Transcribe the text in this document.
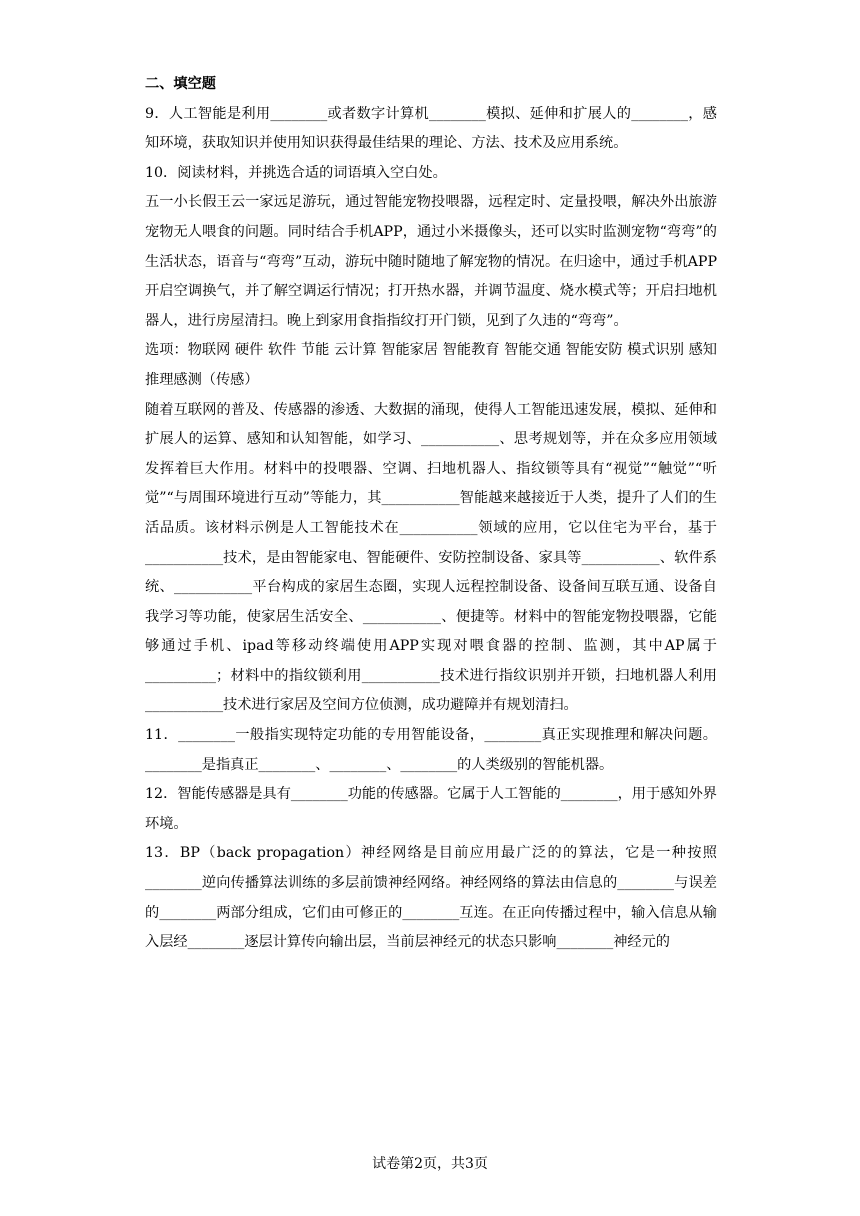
二、填空题

9．人工智能是利用________或者数字计算机________模拟、延伸和扩展人的________，感知环境，获取知识并使用知识获得最佳结果的理论、方法、技术及应用系统。

10．阅读材料，并挑选合适的词语填入空白处。

五一小长假王云一家远足游玩，通过智能宠物投喂器，远程定时、定量投喂，解决外出旅游宠物无人喂食的问题。同时结合手机APP，通过小米摄像头，还可以实时监测宠物“弯弯”的生活状态，语音与“弯弯”互动，游玩中随时随地了解宠物的情况。在归途中，通过手机APP开启空调换气，并了解空调运行情况；打开热水器，并调节温度、烧水模式等；开启扫地机器人，进行房屋清扫。晚上到家用食指指纹打开门锁，见到了久违的“弯弯”。

选项：物联网 硬件 软件 节能 云计算 智能家居 智能教育 智能交通 智能安防 模式识别 感知 推理感测（传感）

随着互联网的普及、传感器的渗透、大数据的涌现，使得人工智能迅速发展，模拟、延伸和扩展人的运算、感知和认知智能，如学习、___________、思考规划等，并在众多应用领域发挥着巨大作用。材料中的投喂器、空调、扫地机器人、指纹锁等具有“视觉”“触觉”“听觉”“与周围环境进行互动”等能力，其___________智能越来越接近于人类，提升了人们的生活品质。该材料示例是人工智能技术在___________领域的应用，它以住宅为平台，基于___________技术，是由智能家电、智能硬件、安防控制设备、家具等___________、软件系统、___________平台构成的家居生态圈，实现人远程控制设备、设备间互联互通、设备自我学习等功能，使家居生活安全、___________、便捷等。材料中的智能宠物投喂器，它能够通过手机、ipad等移动终端使用APP实现对喂食器的控制、监测，其中AP属于__________；材料中的指纹锁利用___________技术进行指纹识别并开锁，扫地机器人利用___________技术进行家居及空间方位侦测，成功避障并有规划清扫。

11．________一般指实现特定功能的专用智能设备，________真正实现推理和解决问题。________是指真正________、________、________的人类级别的智能机器。

12．智能传感器是具有________功能的传感器。它属于人工智能的________，用于感知外界环境。

13．BP（back propagation）神经网络是目前应用最广泛的的算法，它是一种按照________逆向传播算法训练的多层前馈神经网络。神经网络的算法由信息的________与误差的________两部分组成，它们由可修正的________互连。在正向传播过程中，输入信息从输入层经________逐层计算传向输出层，当前层神经元的状态只影响________神经元的

试卷第2页，共3页
